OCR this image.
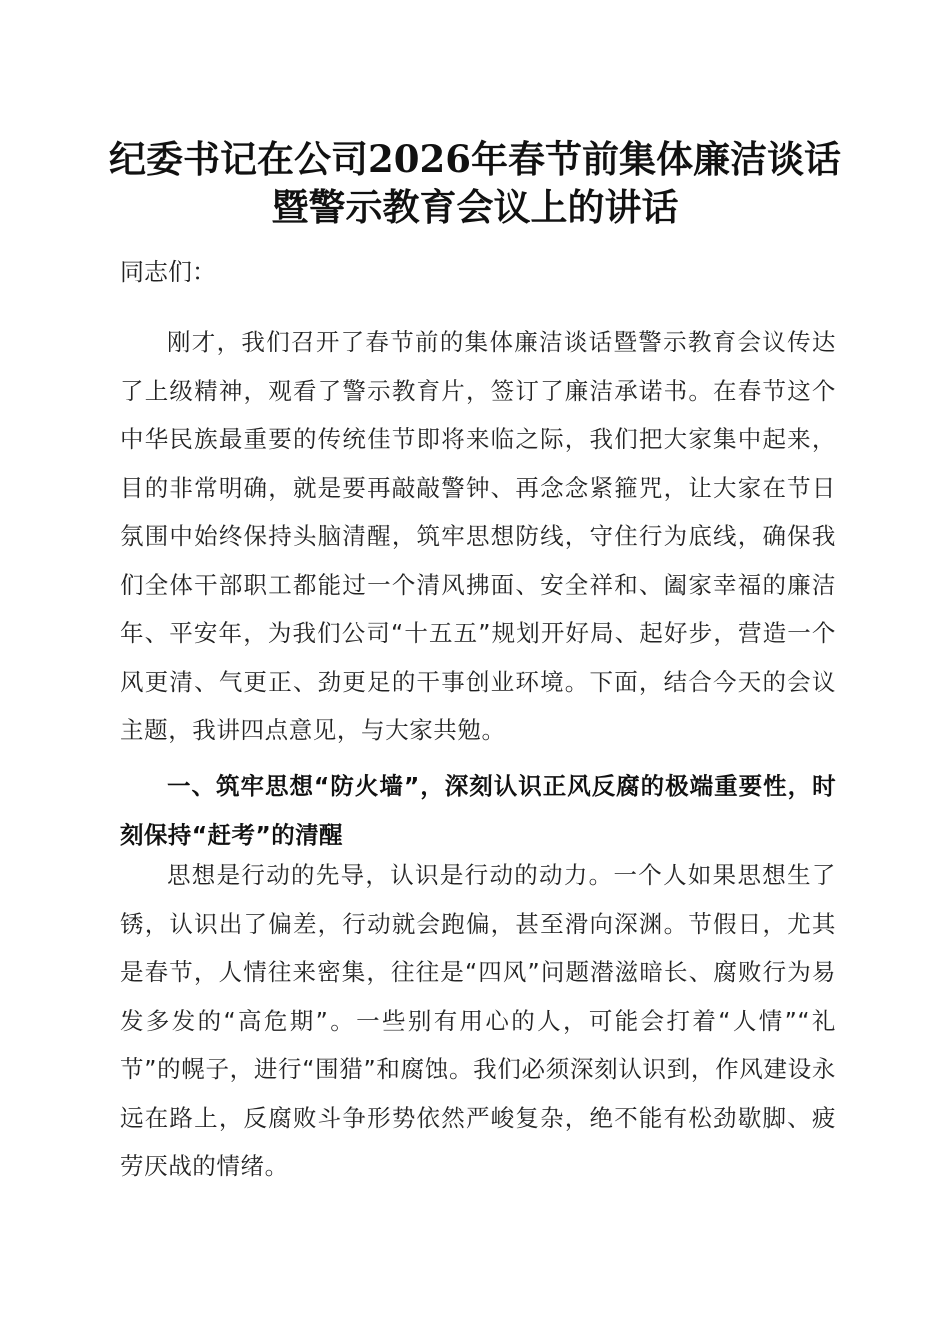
纪委书记在公司2026年春节前集体廉洁谈话
暨警示教育会议上的讲话
同志们：

刚才，我们召开了春节前的集体廉洁谈话暨警示教育会议传达了上级精神，观看了警示教育片，签订了廉洁承诺书。在春节这个中华民族最重要的传统佳节即将来临之际，我们把大家集中起来，目的非常明确，就是要再敲敲警钟、再念念紧箍咒，让大家在节日氛围中始终保持头脑清醒，筑牢思想防线，守住行为底线，确保我们全体干部职工都能过一个清风拂面、安全祥和、阖家幸福的廉洁年、平安年，为我们公司“十五五”规划开好局、起好步，营造一个风更清、气更正、劲更足的干事创业环境。下面，结合今天的会议主题，我讲四点意见，与大家共勉。

一、筑牢思想“防火墙”，深刻认识正风反腐的极端重要性，时刻保持“赶考”的清醒

思想是行动的先导，认识是行动的动力。一个人如果思想生了锈，认识出了偏差，行动就会跑偏，甚至滑向深渊。节假日，尤其是春节，人情往来密集，往往是“四风”问题潜滋暗长、腐败行为易发多发的“高危期”。一些别有用心的人，可能会打着“人情”“礼节”的幌子，进行“围猎”和腐蚀。我们必须深刻认识到，作风建设永远在路上，反腐败斗争形势依然严峻复杂，绝不能有松劲歇脚、疲劳厌战的情绪。
